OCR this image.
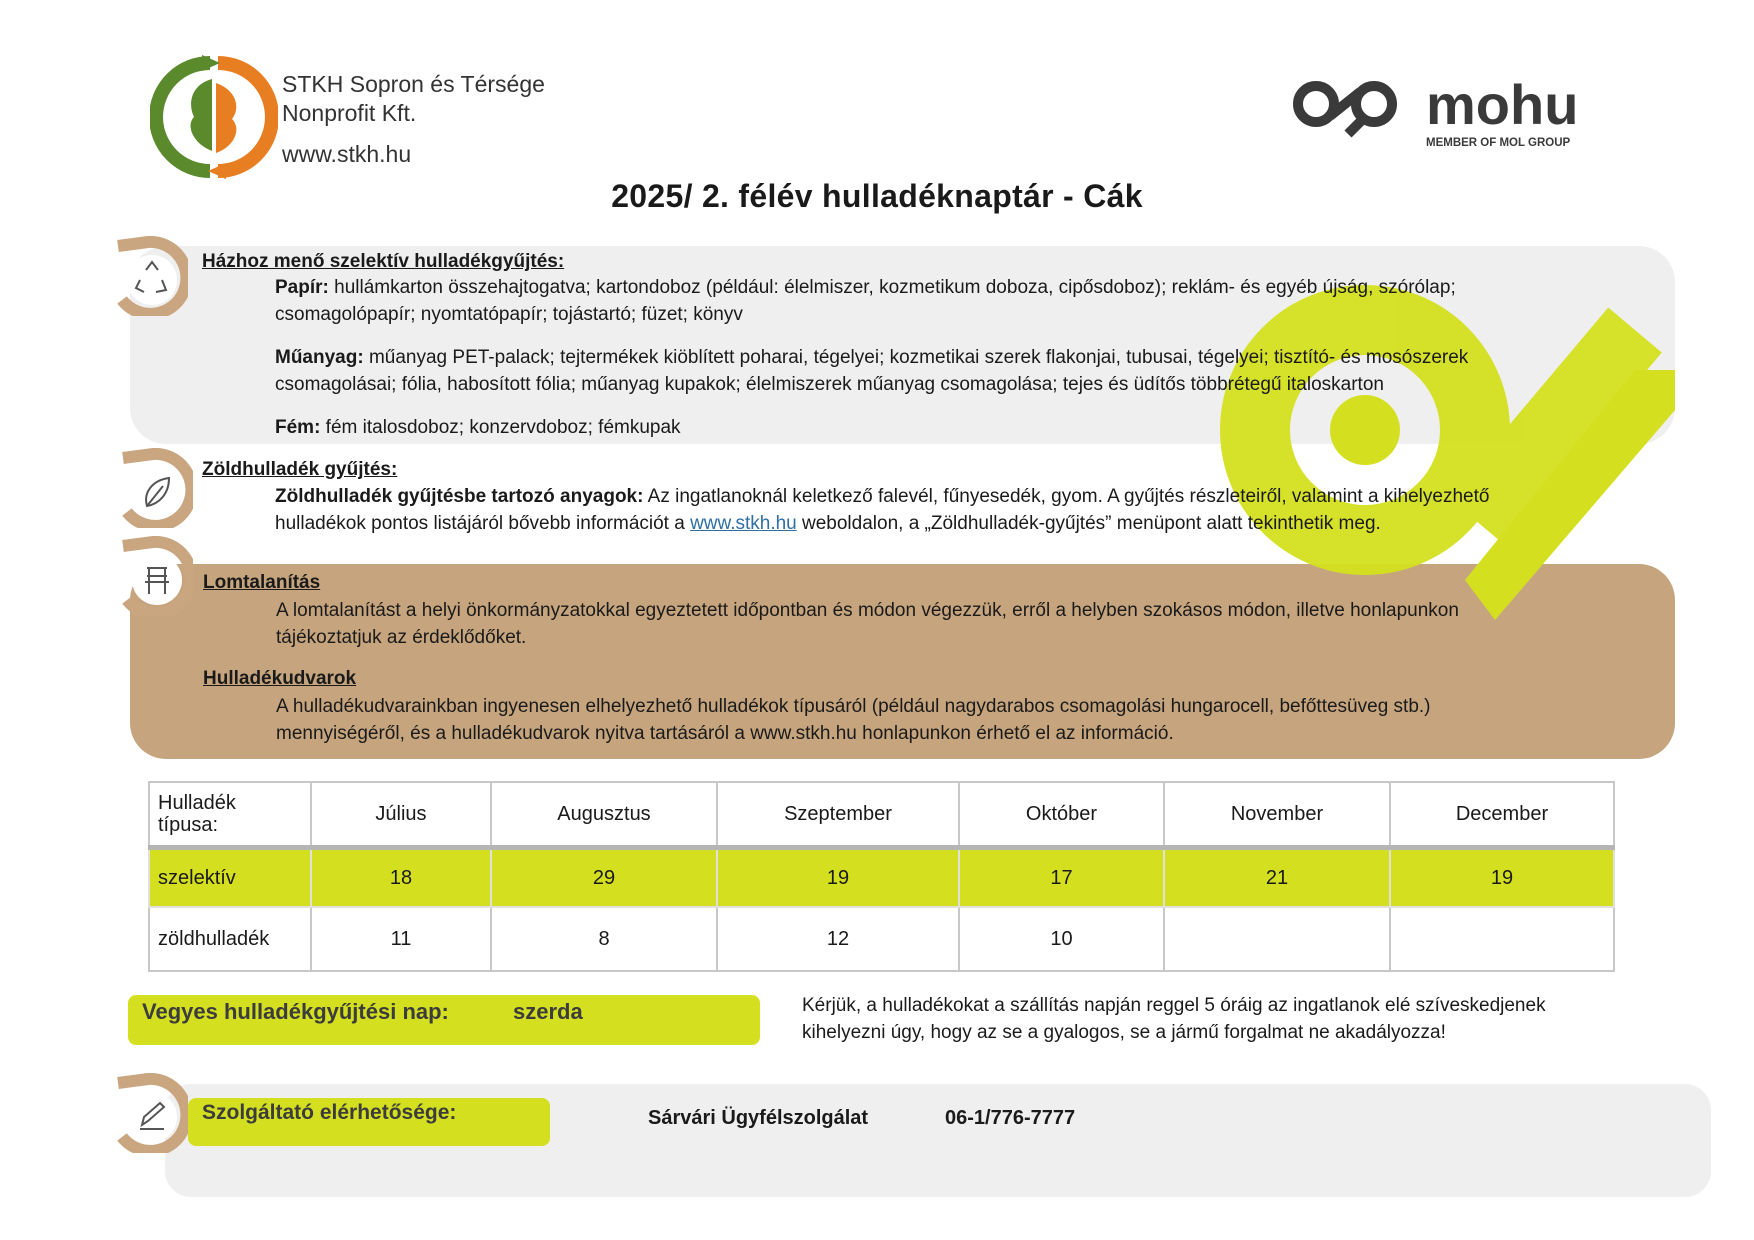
STKH Sopron és Térsége
Nonprofit Kft.
www.stkh.hu
mohu
MEMBER OF MOL GROUP
2025/ 2. félév hulladéknaptár - Cák
Házhoz menő szelektív hulladékgyűjtés:
Papír: hullámkarton összehajtogatva; kartondoboz (például: élelmiszer, kozmetikum doboza, cipősdoboz); reklám- és egyéb újság, szórólap;
csomagolópapír; nyomtatópapír; tojástartó; füzet; könyv
Műanyag: műanyag PET-palack; tejtermékek kiöblített poharai, tégelyei; kozmetikai szerek flakonjai, tubusai, tégelyei; tisztító- és mosószerek
csomagolásai; fólia, habosított fólia; műanyag kupakok; élelmiszerek műanyag csomagolása; tejes és üdítős többrétegű italoskarton
Fém: fém italosdoboz; konzervdoboz; fémkupak
Zöldhulladék gyűjtés:
Zöldhulladék gyűjtésbe tartozó anyagok: Az ingatlanoknál keletkező falevél, fűnyesedék, gyom. A gyűjtés részleteiről, valamint a kihelyezhető
hulladékok pontos listájáról bővebb információt a www.stkh.hu weboldalon, a „Zöldhulladék-gyűjtés” menüpont alatt tekinthetik meg.
Lomtalanítás
A lomtalanítást a helyi önkormányzatokkal egyeztetett időpontban és módon végezzük, erről a helyben szokásos módon, illetve honlapunkon
tájékoztatjuk az érdeklődőket.
Hulladékudvarok
A hulladékudvarainkban ingyenesen elhelyezhető hulladékok típusáról (például nagydarabos csomagolási hungarocell, befőttesüveg stb.)
mennyiségéről, és a hulladékudvarok nyitva tartásáról a www.stkh.hu honlapunkon érhető el az információ.
Hulladék
típusa:	Július	Augusztus	Szeptember	Október	November	December
szelektív	18	29	19	17	21	19
zöldhulladék	11	8	12	10		
Vegyes hulladékgyűjtési nap:	szerda	Kérjük, a hulladékokat a szállítás napján reggel 5 óráig az ingatlanok elé szíveskedjenek
kihelyezni úgy, hogy az se a gyalogos, se a jármű forgalmat ne akadályozza!
Szolgáltató elérhetősége:	Sárvári Ügyfélszolgálat	06-1/776-7777
